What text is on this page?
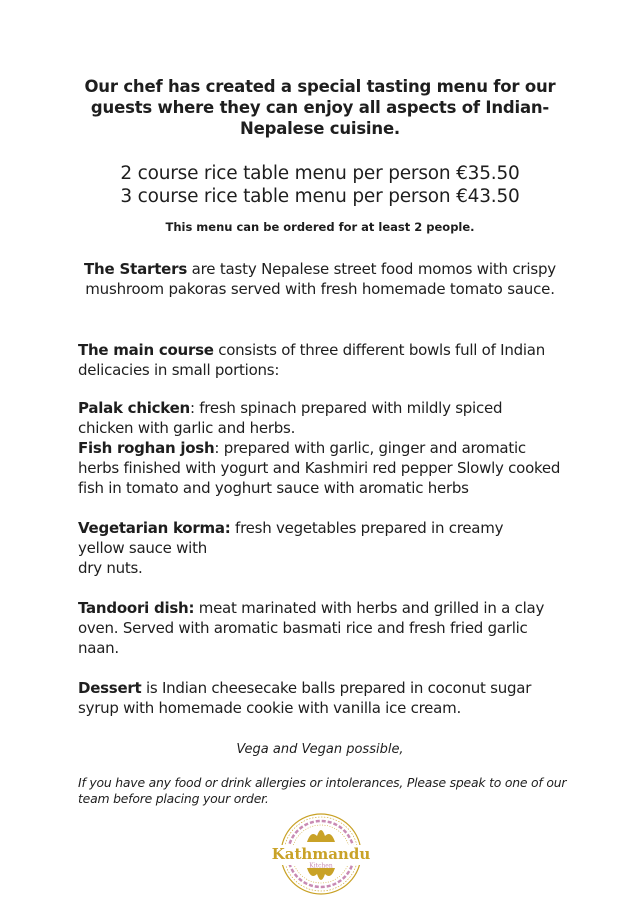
Our chef has created a special tasting menu for our guests where they can enjoy all aspects of Indian-Nepalese cuisine.
2 course rice table menu per person €35.50
3 course rice table menu per person €43.50
This menu can be ordered for at least 2 people.
The Starters are tasty Nepalese street food momos with crispy mushroom pakoras served with fresh homemade tomato sauce.
The main course consists of three different bowls full of Indian delicacies in small portions:
Palak chicken: fresh spinach prepared with mildly spiced chicken with garlic and herbs.
Fish roghan josh: prepared with garlic, ginger and aromatic herbs finished with yogurt and Kashmiri red pepper Slowly cooked fish in tomato and yoghurt sauce with aromatic herbs
Vegetarian korma: fresh vegetables prepared in creamy
yellow sauce with
dry nuts.
Tandoori dish: meat marinated with herbs and grilled in a clay oven. Served with aromatic basmati rice and fresh fried garlic naan.
Dessert is Indian cheesecake balls prepared in coconut sugar syrup with homemade cookie with vanilla ice cream.
Vega and Vegan possible,
If you have any food or drink allergies or intolerances, Please speak to one of our team before placing your order.
Kathmandu
Kitchen
